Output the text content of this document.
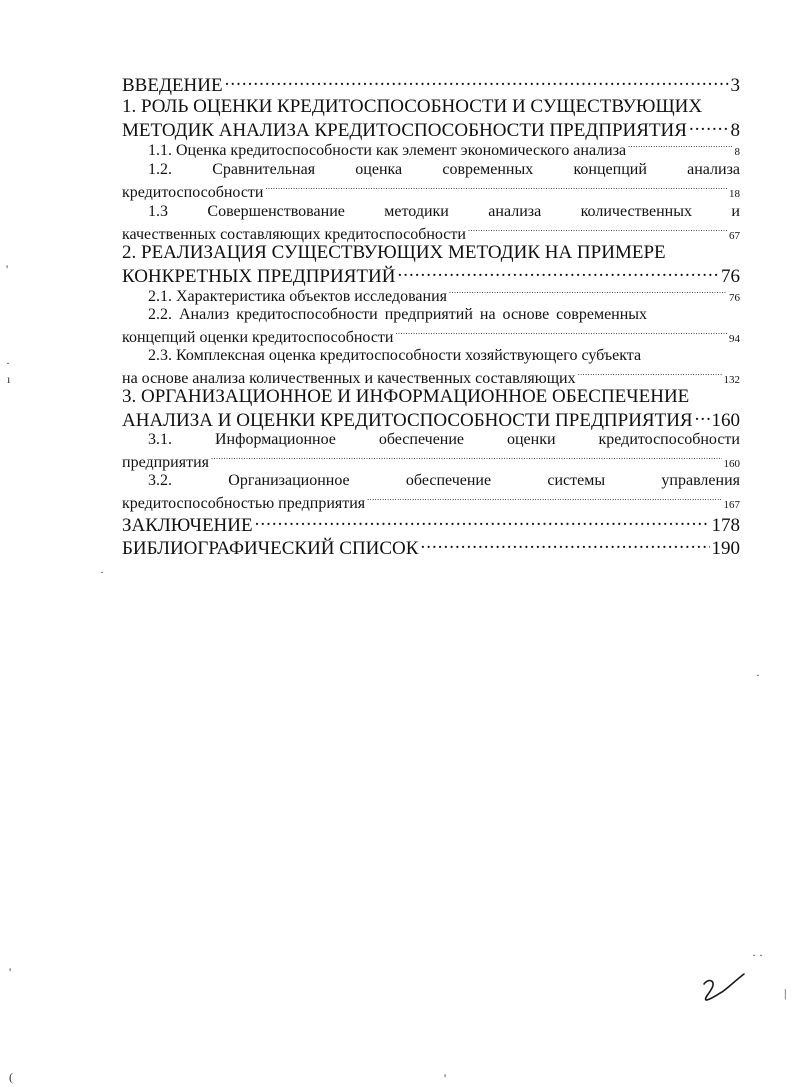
ВВЕДЕНИЕ .....	3
1. РОЛЬ ОЦЕНКИ КРЕДИТОСПОСОБНОСТИ И СУЩЕСТВУЮЩИХ
МЕТОДИК АНАЛИЗА КРЕДИТОСПОСОБНОСТИ ПРЕДПРИЯТИЯ ..... 8
1.1. Оценка кредитоспособности как элемент экономического анализа .....	8
1.2.	Сравнительная	оценка	современных	концепций	анализа
кредитоспособности .....	18
1.3 Совершенствование методики анализа количественных и
качественных составляющих кредитоспособности .....	67
2. РЕАЛИЗАЦИЯ СУЩЕСТВУЮЩИХ МЕТОДИК НА ПРИМЕРЕ
КОНКРЕТНЫХ ПРЕДПРИЯТИЙ .....	76
2.1. Характеристика объектов исследования .....	76
2.2. Анализ кредитоспособности предприятий на основе современных
концепций оценки кредитоспособности .....	94
2.3. Комплексная оценка кредитоспособности хозяйствующего субъекта
на основе анализа количественных и качественных составляющих .....	132
3. ОРГАНИЗАЦИОННОЕ И ИНФОРМАЦИОННОЕ ОБЕСПЕЧЕНИЕ
АНАЛИЗА И ОЦЕНКИ КРЕДИТОСПОСОБНОСТИ ПРЕДПРИЯТИЯ ..... 160
3.1.	Информационное	обеспечение	оценки	кредитоспособности
предприятия .....	160
3.2.	Организационное	обеспечение	системы	управления
кредитоспособностью предприятия .....	167
ЗАКЛЮЧЕНИЕ .....	178
БИБЛИОГРАФИЧЕСКИЙ СПИСОК .....	190
'
·
ı
·
·
· ·
|
'
(	'
